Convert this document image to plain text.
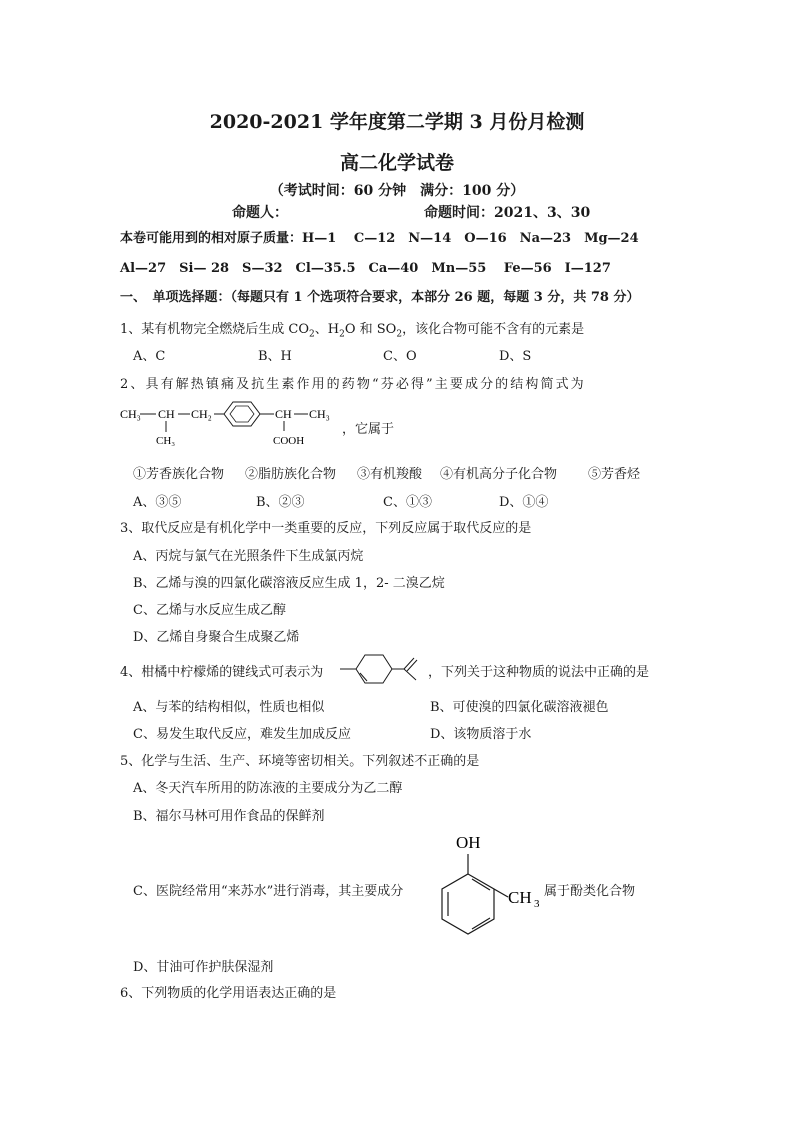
2020-2021 学年度第二学期 3 月份月检测
高二化学试卷
（考试时间：60 分钟　满分：100 分）
命题人：	命题时间：2021、3、30
本卷可能用到的相对原子质量：H—1　 C—12　N—14　O—16　Na—23　Mg—24
Al—27　Si— 28　S—32　Cl—35.5　Ca—40　Mn—55　 Fe—56　I—127
一、　单项选择题：（每题只有 1 个选项符合要求，本部分 26 题，每题 3 分，共 78 分）
1、某有机物完全燃烧后生成 $CO_2$、$H_2O$ 和 $SO_2$，该化合物可能不含有的元素是
A、C	B、H	C、O	D、S
2、具有解热镇痛及抗生素作用的药物“芬必得”主要成分的结构简式为
CH₃ CH CH₂
CH₃
CH CH₃
COOH
，它属于
①芳香族化合物 ②脂肪族化合物 ③有机羧酸 ④有机高分子化合物 ⑤芳香烃
A、③⑤	B、②③	C、①③	D、①④
3、取代反应是有机化学中一类重要的反应，下列反应属于取代反应的是
A、丙烷与氯气在光照条件下生成氯丙烷
B、乙烯与溴的四氯化碳溶液反应生成 1，2- 二溴乙烷
C、乙烯与水反应生成乙醇
D、乙烯自身聚合生成聚乙烯
4、柑橘中柠檬烯的键线式可表示为	，下列关于这种物质的说法中正确的是
A、与苯的结构相似，性质也相似	B、可使溴的四氯化碳溶液褪色
C、易发生取代反应，难发生加成反应	D、该物质溶于水
5、化学与生活、生产、环境等密切相关。下列叙述不正确的是
A、冬天汽车所用的防冻液的主要成分为乙二醇
B、福尔马林可用作食品的保鲜剂
OH
CH 3
C、医院经常用“来苏水”进行消毒，其主要成分	属于酚类化合物
D、甘油可作护肤保湿剂
6、下列物质的化学用语表达正确的是
